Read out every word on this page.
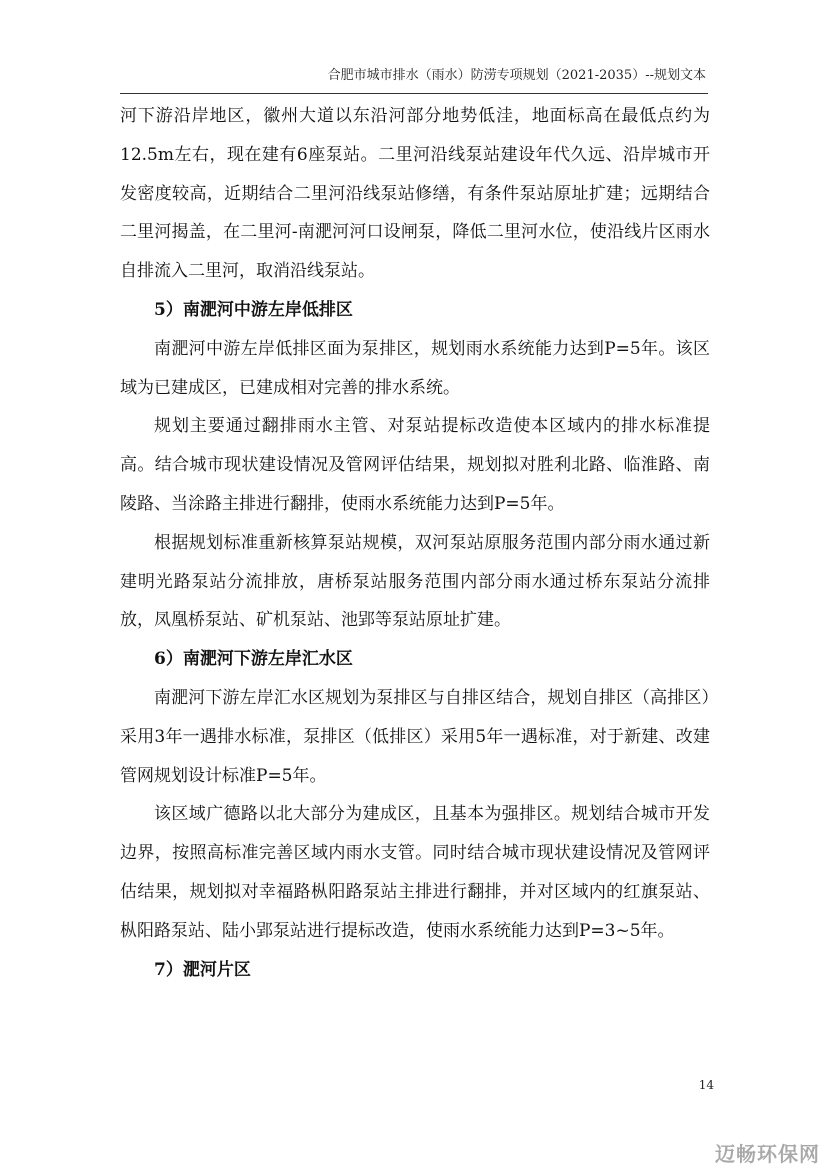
合肥市城市排水（雨水）防涝专项规划（2021-2035）--规划文本

河下游沿岸地区，徽州大道以东沿河部分地势低洼，地面标高在最低点约为12.5m左右，现在建有6座泵站。二里河沿线泵站建设年代久远、沿岸城市开发密度较高，近期结合二里河沿线泵站修缮，有条件泵站原址扩建；远期结合二里河揭盖，在二里河-南淝河河口设闸泵，降低二里河水位，使沿线片区雨水自排流入二里河，取消沿线泵站。

5）南淝河中游左岸低排区

南淝河中游左岸低排区面为泵排区，规划雨水系统能力达到P=5年。该区域为已建成区，已建成相对完善的排水系统。

规划主要通过翻排雨水主管、对泵站提标改造使本区域内的排水标准提高。结合城市现状建设情况及管网评估结果，规划拟对胜利北路、临淮路、南陵路、当涂路主排进行翻排，使雨水系统能力达到P=5年。

根据规划标准重新核算泵站规模，双河泵站原服务范围内部分雨水通过新建明光路泵站分流排放，唐桥泵站服务范围内部分雨水通过桥东泵站分流排放，凤凰桥泵站、矿机泵站、池郢等泵站原址扩建。

6）南淝河下游左岸汇水区

南淝河下游左岸汇水区规划为泵排区与自排区结合，规划自排区（高排区）采用3年一遇排水标准，泵排区（低排区）采用5年一遇标准，对于新建、改建管网规划设计标准P=5年。

该区域广德路以北大部分为建成区，且基本为强排区。规划结合城市开发边界，按照高标准完善区域内雨水支管。同时结合城市现状建设情况及管网评估结果，规划拟对幸福路枞阳路泵站主排进行翻排，并对区域内的红旗泵站、枞阳路泵站、陆小郢泵站进行提标改造，使雨水系统能力达到P=3~5年。

7）淝河片区

14
迈畅环保网
